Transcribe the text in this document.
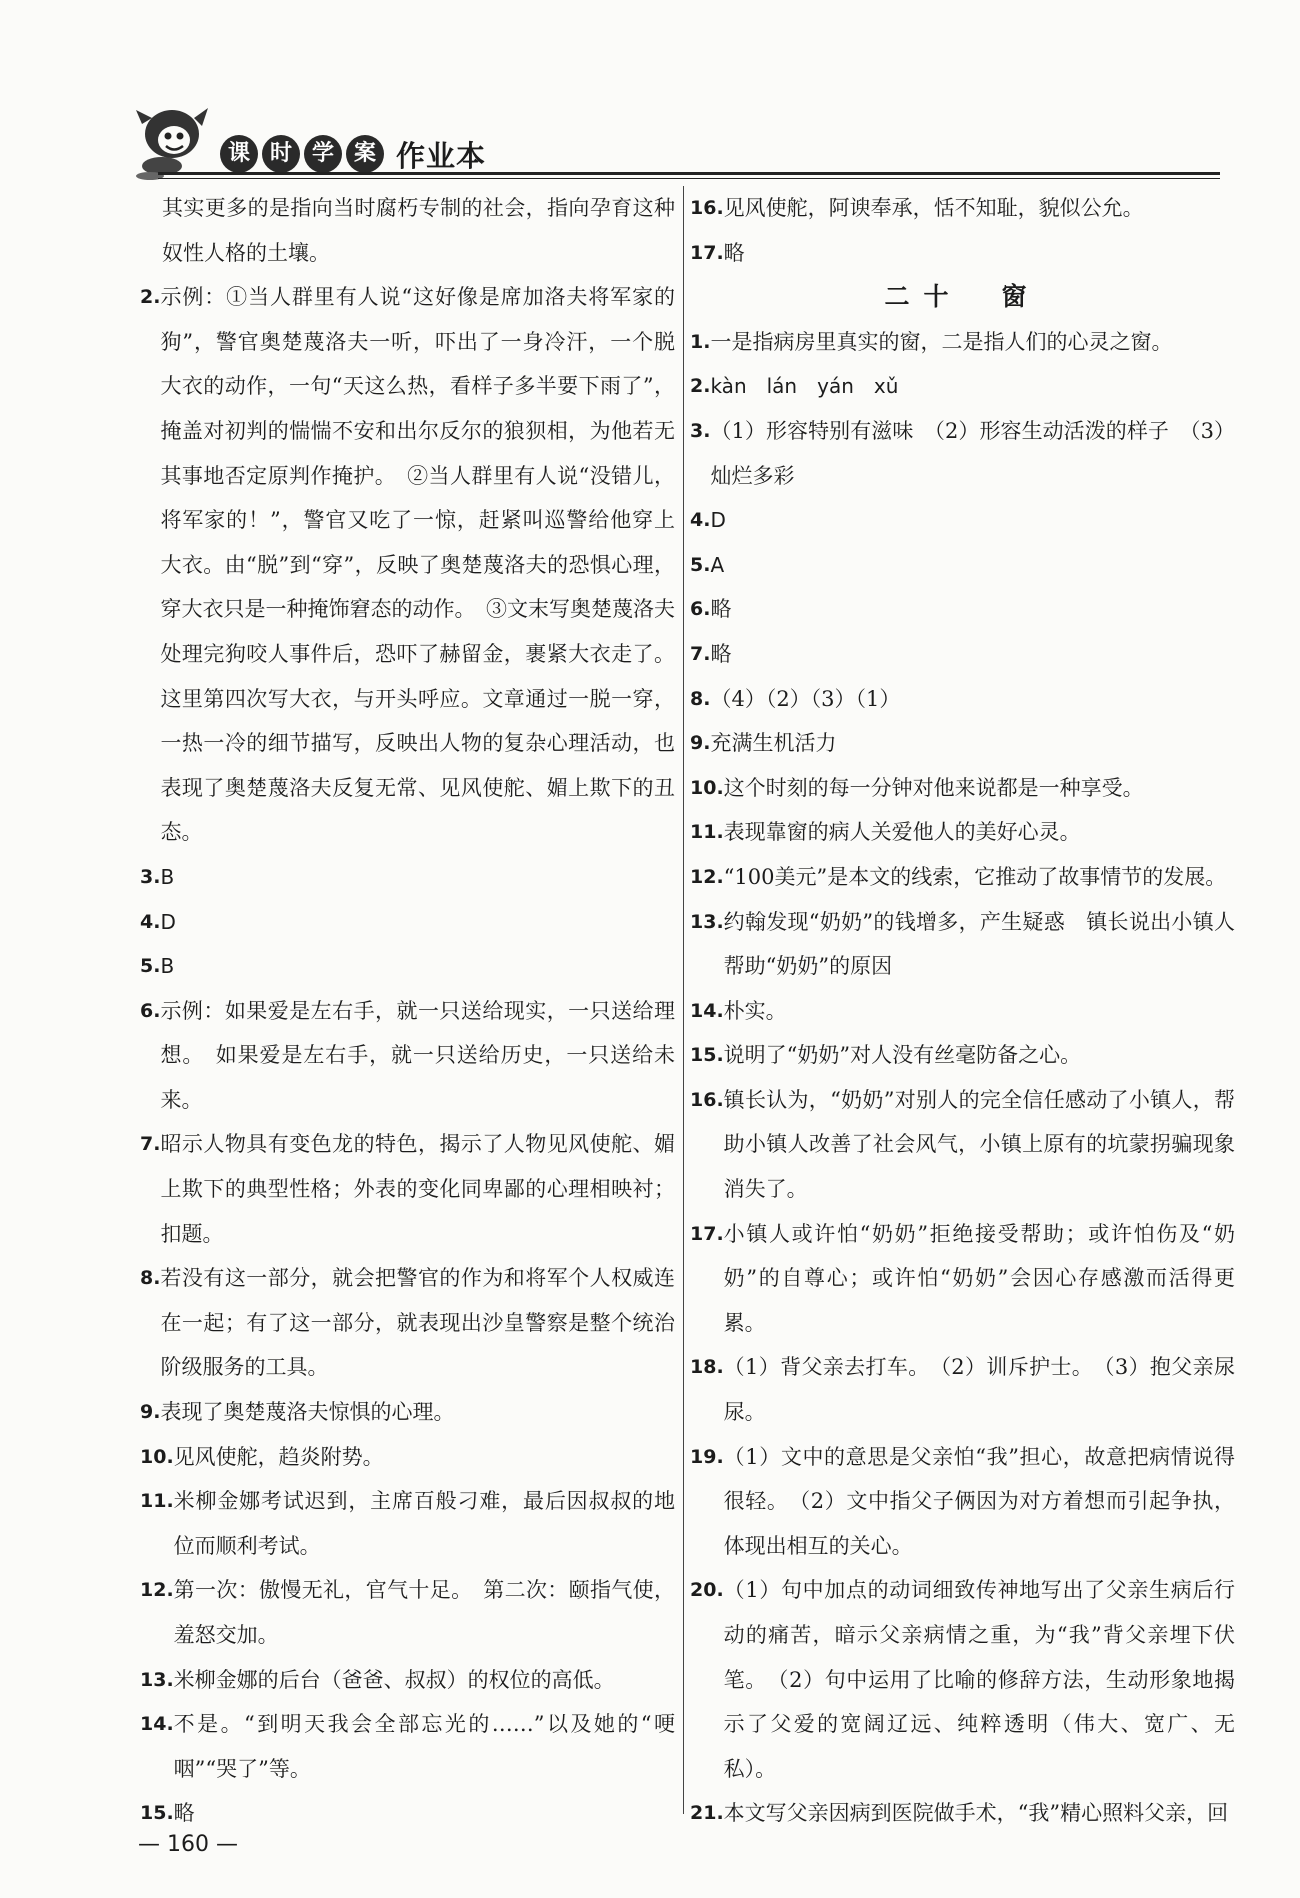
课 时 学 案 作业本
其实更多的是指向当时腐朽专制的社会，指向孕育这种奴性人格的土壤。
2. 示例：①当人群里有人说“这好像是席加洛夫将军家的狗”，警官奥楚蔑洛夫一听，吓出了一身冷汗，一个脱大衣的动作，一句“天这么热，看样子多半要下雨了”，掩盖对初判的惴惴不安和出尔反尔的狼狈相，为他若无其事地否定原判作掩护。　②当人群里有人说“没错儿，将军家的！”，警官又吃了一惊，赶紧叫巡警给他穿上大衣。由“脱”到“穿”，反映了奥楚蔑洛夫的恐惧心理，穿大衣只是一种掩饰窘态的动作。　③文末写奥楚蔑洛夫处理完狗咬人事件后，恐吓了赫留金，裹紧大衣走了。这里第四次写大衣，与开头呼应。文章通过一脱一穿，一热一冷的细节描写，反映出人物的复杂心理活动，也表现了奥楚蔑洛夫反复无常、见风使舵、媚上欺下的丑态。
3. B
4. D
5. B
6. 示例：如果爱是左右手，就一只送给现实，一只送给理想。　如果爱是左右手，就一只送给历史，一只送给未来。
7. 昭示人物具有变色龙的特色，揭示了人物见风使舵、媚上欺下的典型性格；外表的变化同卑鄙的心理相映衬；扣题。
8. 若没有这一部分，就会把警官的作为和将军个人权威连在一起；有了这一部分，就表现出沙皇警察是整个统治阶级服务的工具。
9. 表现了奥楚蔑洛夫惊惧的心理。
10. 见风使舵，趋炎附势。
11. 米柳金娜考试迟到，主席百般刁难，最后因叔叔的地位而顺利考试。
12. 第一次：傲慢无礼，官气十足。　第二次：颐指气使，羞怒交加。
13. 米柳金娜的后台（爸爸、叔叔）的权位的高低。
14. 不是。“到明天我会全部忘光的……”以及她的“哽咽”“哭了”等。
15. 略
16. 见风使舵，阿谀奉承，恬不知耻，貌似公允。
17. 略
二十　窗
1. 一是指病房里真实的窗，二是指人们的心灵之窗。
2. kàn　lán　yán　xǔ
3. （1）形容特别有滋味　（2）形容生动活泼的样子　（3）灿烂多彩
4. D
5. A
6. 略
7. 略
8. （4）（2）（3）（1）
9. 充满生机活力
10. 这个时刻的每一分钟对他来说都是一种享受。
11. 表现靠窗的病人关爱他人的美好心灵。
12. “100美元”是本文的线索，它推动了故事情节的发展。
13. 约翰发现“奶奶”的钱增多，产生疑惑　镇长说出小镇人帮助“奶奶”的原因
14. 朴实。
15. 说明了“奶奶”对人没有丝毫防备之心。
16. 镇长认为，“奶奶”对别人的完全信任感动了小镇人，帮助小镇人改善了社会风气，小镇上原有的坑蒙拐骗现象消失了。
17. 小镇人或许怕“奶奶”拒绝接受帮助；或许怕伤及“奶奶”的自尊心；或许怕“奶奶”会因心存感激而活得更累。
18. （1）背父亲去打车。　（2）训斥护士。　（3）抱父亲尿尿。
19. （1）文中的意思是父亲怕“我”担心，故意把病情说得很轻。　（2）文中指父子俩因为对方着想而引起争执，体现出相互的关心。
20. （1）句中加点的动词细致传神地写出了父亲生病后行动的痛苦，暗示父亲病情之重，为“我”背父亲埋下伏笔。　（2）句中运用了比喻的修辞方法，生动形象地揭示了父爱的宽阔辽远、纯粹透明（伟大、宽广、无私）。
21. 本文写父亲因病到医院做手术，“我”精心照料父亲，回
— 160 —
